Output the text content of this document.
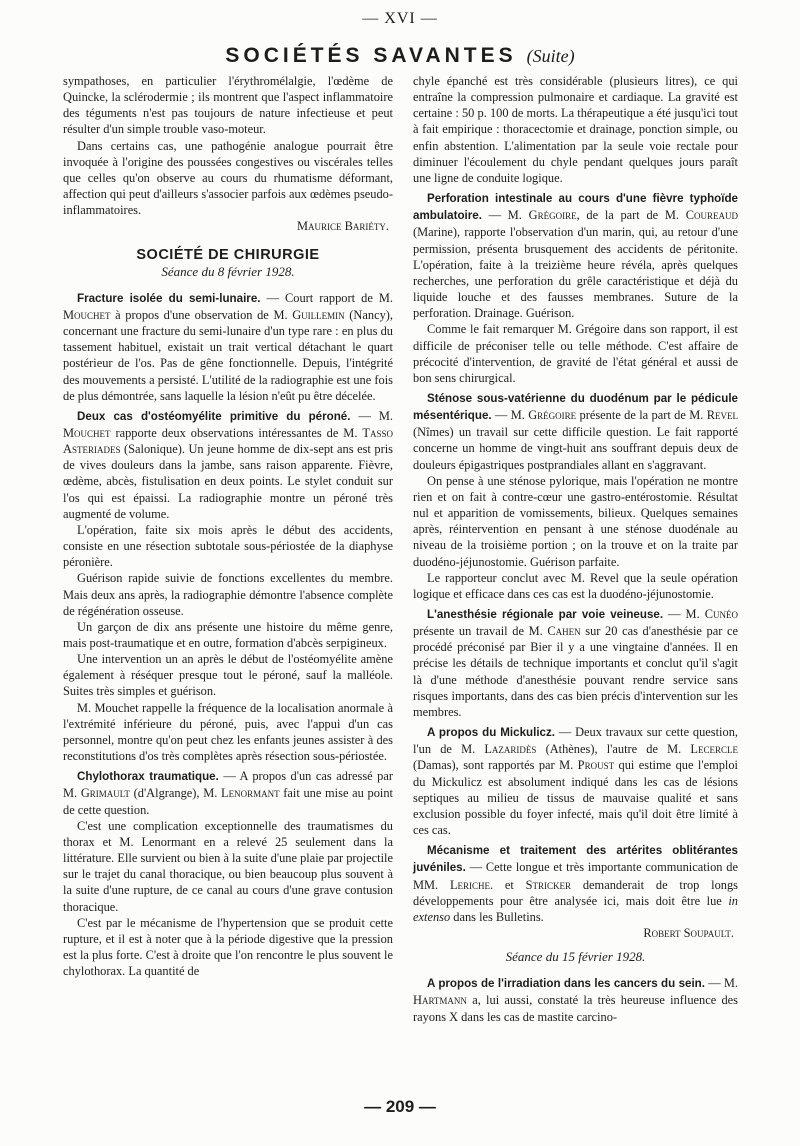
— XVI —
SOCIÉTÉS SAVANTES (Suite)

sympathoses, en particulier l'érythromélalgie, l'œdème de Quincke, la sclérodermie ; ils montrent que l'aspect inflammatoire des téguments n'est pas toujours de nature infectieuse et peut résulter d'un simple trouble vaso-moteur.

Dans certains cas, une pathogénie analogue pourrait être invoquée à l'origine des poussées congestives ou viscérales telles que celles qu'on observe au cours du rhumatisme déformant, affection qui peut d'ailleurs s'associer parfois aux œdèmes pseudo-inflammatoires.

Maurice Bariéty.

SOCIÉTÉ DE CHIRURGIE
Séance du 8 février 1928.

Fracture isolée du semi-lunaire. — Court rapport de M. Mouchet à propos d'une observation de M. Guillemin (Nancy), concernant une fracture du semi-lunaire d'un type rare : en plus du tassement habituel, existait un trait vertical détachant le quart postérieur de l'os. Pas de gêne fonctionnelle. Depuis, l'intégrité des mouvements a persisté. L'utilité de la radiographie est une fois de plus démontrée, sans laquelle la lésion n'eût pu être décelée.

Deux cas d'ostéomyélite primitive du péroné. — M. Mouchet rapporte deux observations intéressantes de M. Tasso Asteriades (Salonique). Un jeune homme de dix-sept ans est pris de vives douleurs dans la jambe, sans raison apparente. Fièvre, œdème, abcès, fistulisation en deux points. Le stylet conduit sur l'os qui est épaissi. La radiographie montre un péroné très augmenté de volume.

L'opération, faite six mois après le début des accidents, consiste en une résection subtotale sous-périostée de la diaphyse péronière.

Guérison rapide suivie de fonctions excellentes du membre. Mais deux ans après, la radiographie démontre l'absence complète de régénération osseuse.

Un garçon de dix ans présente une histoire du même genre, mais post-traumatique et en outre, formation d'abcès serpigineux.

Une intervention un an après le début de l'ostéomyélite amène également à réséquer presque tout le péroné, sauf la malléole. Suites très simples et guérison.

M. Mouchet rappelle la fréquence de la localisation anormale à l'extrémité inférieure du péroné, puis, avec l'appui d'un cas personnel, montre qu'on peut chez les enfants jeunes assister à des reconstitutions d'os très complètes après résection sous-périostée.

Chylothorax traumatique. — A propos d'un cas adressé par M. Grimault (d'Algrange), M. Lenormant fait une mise au point de cette question.

C'est une complication exceptionnelle des traumatismes du thorax et M. Lenormant en a relevé 25 seulement dans la littérature. Elle survient ou bien à la suite d'une plaie par projectile sur le trajet du canal thoracique, ou bien beaucoup plus souvent à la suite d'une rupture, de ce canal au cours d'une grave contusion thoracique.

C'est par le mécanisme de l'hypertension que se produit cette rupture, et il est à noter que à la période digestive que la pression est la plus forte. C'est à droite que l'on rencontre le plus souvent le chylothorax. La quantité de

chyle épanché est très considérable (plusieurs litres), ce qui entraîne la compression pulmonaire et cardiaque. La gravité est certaine : 50 p. 100 de morts. La thérapeutique a été jusqu'ici tout à fait empirique : thoracectomie et drainage, ponction simple, ou enfin abstention. L'alimentation par la seule voie rectale pour diminuer l'écoulement du chyle pendant quelques jours paraît une ligne de conduite logique.

Perforation intestinale au cours d'une fièvre typhoïde ambulatoire. — M. Grégoire, de la part de M. Coureaud (Marine), rapporte l'observation d'un marin, qui, au retour d'une permission, présenta brusquement des accidents de péritonite. L'opération, faite à la treizième heure révéla, après quelques recherches, une perforation du grêle caractéristique et déjà du liquide louche et des fausses membranes. Suture de la perforation. Drainage. Guérison.

Comme le fait remarquer M. Grégoire dans son rapport, il est difficile de préconiser telle ou telle méthode. C'est affaire de précocité d'intervention, de gravité de l'état général et aussi de bon sens chirurgical.

Sténose sous-vatérienne du duodénum par le pédicule mésentérique. — M. Grégoire présente de la part de M. Revel (Nîmes) un travail sur cette difficile question. Le fait rapporté concerne un homme de vingt-huit ans souffrant depuis deux de douleurs épigastriques postprandiales allant en s'aggravant.

On pense à une sténose pylorique, mais l'opération ne montre rien et on fait à contre-cœur une gastro-entérostomie. Résultat nul et apparition de vomissements, bilieux. Quelques semaines après, réintervention en pensant à une sténose duodénale au niveau de la troisième portion ; on la trouve et on la traite par duodéno-jéjunostomie. Guérison parfaite.

Le rapporteur conclut avec M. Revel que la seule opération logique et efficace dans ces cas est la duodéno-jéjunostomie.

L'anesthésie régionale par voie veineuse. — M. Cunéo présente un travail de M. Cahen sur 20 cas d'anesthésie par ce procédé préconisé par Bier il y a une vingtaine d'années. Il en précise les détails de technique importants et conclut qu'il s'agit là d'une méthode d'anesthésie pouvant rendre service sans risques importants, dans des cas bien précis d'intervention sur les membres.

A propos du Mickulicz. — Deux travaux sur cette question, l'un de M. Lazaridès (Athènes), l'autre de M. Lecercle (Damas), sont rapportés par M. Proust qui estime que l'emploi du Mickulicz est absolument indiqué dans les cas de lésions septiques au milieu de tissus de mauvaise qualité et sans exclusion possible du foyer infecté, mais qu'il doit être limité à ces cas.

Mécanisme et traitement des artérites oblitérantes juvéniles. — Cette longue et très importante communication de MM. Leriche. et Stricker demanderait de trop longs développements pour être analysée ici, mais doit être lue in extenso dans les Bulletins.

Robert Soupault.

Séance du 15 février 1928.

A propos de l'irradiation dans les cancers du sein. — M. Hartmann a, lui aussi, constaté la très heureuse influence des rayons X dans les cas de mastite carcino-

— 209 —
